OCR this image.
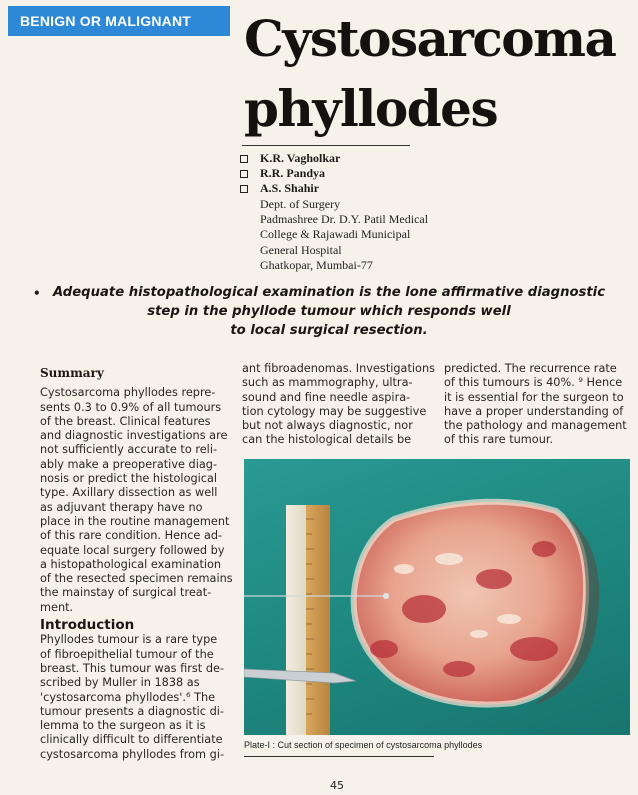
BENIGN OR MALIGNANT	Cystosarcoma
phyllodes
K.R. Vagholkar
R.R. Pandya
A.S. Shahir
Dept. of Surgery
Padmashree Dr. D.Y. Patil Medical
College & Rajawadi Municipal
General Hospital
Ghatkopar, Mumbai-77
• Adequate histopathological examination is the lone affirmative diagnostic
step in the phyllode tumour which responds well
to local surgical resection.
Summary
Cystosarcoma phyllodes repre-
sents 0.3 to 0.9% of all tumours
of the breast. Clinical features
and diagnostic investigations are
not sufficiently accurate to reli-
ably make a preoperative diag-
nosis or predict the histological
type. Axillary dissection as well
as adjuvant therapy have no
place in the routine management
of this rare condition. Hence ad-
equate local surgery followed by
a histopathological examination
of the resected specimen remains
the mainstay of surgical treat-
ment.
Introduction
Phyllodes tumour is a rare type
of fibroepithelial tumour of the
breast. This tumour was first de-
scribed by Muller in 1838 as
'cystosarcoma phyllodes'.⁶ The
tumour presents a diagnostic di-
lemma to the surgeon as it is
clinically difficult to differentiate
cystosarcoma phyllodes from gi-
ant fibroadenomas. Investigations
such as mammography, ultra-
sound and fine needle aspira-
tion cytology may be suggestive
but not always diagnostic, nor
can the histological details be
predicted. The recurrence rate
of this tumours is 40%. ⁹ Hence
it is essential for the surgeon to
have a proper understanding of
the pathology and management
of this rare tumour.
Plate-I : Cut section of specimen of cystosarcoma phyllodes
45
